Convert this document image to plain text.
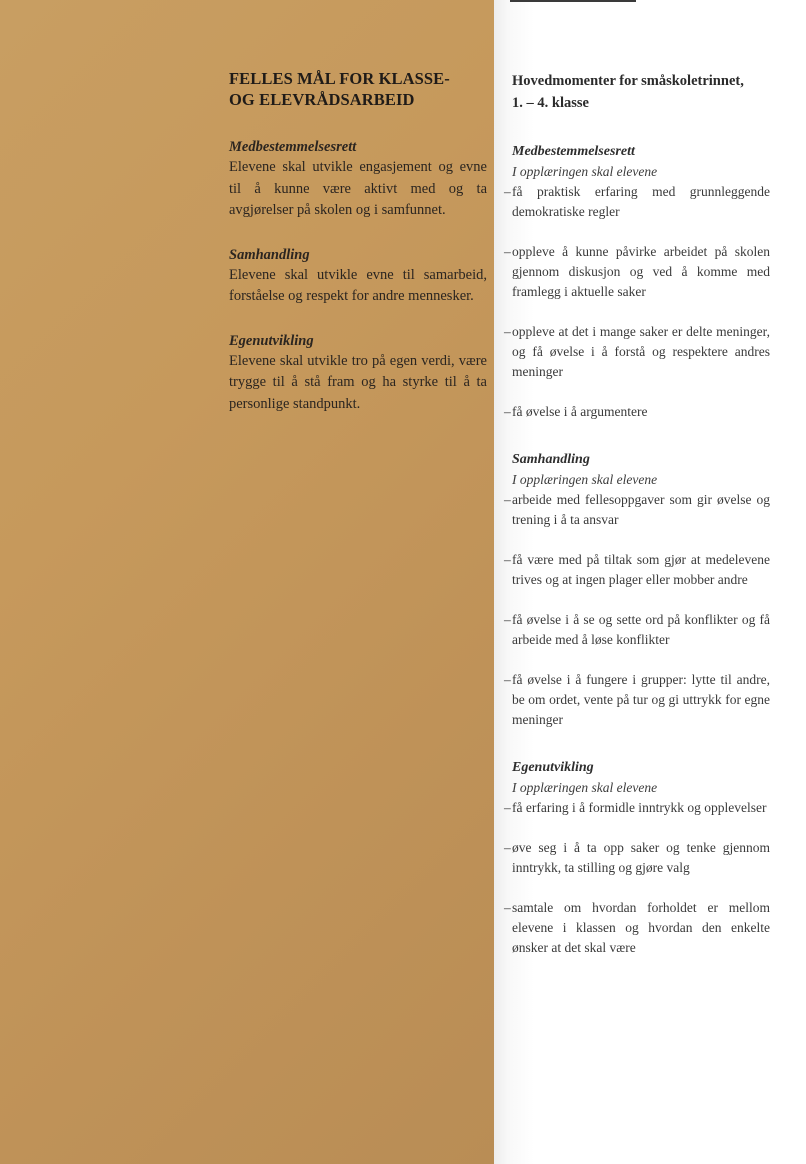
FELLES MÅL FOR KLASSE-
OG ELEVRÅDSARBEID
Medbestemmelsesrett
Elevene skal utvikle engasjement og evne til å kunne være aktivt med og ta avgjørelser på skolen og i samfunnet.
Samhandling
Elevene skal utvikle evne til samarbeid, forståelse og respekt for andre mennesker.
Egenutvikling
Elevene skal utvikle tro på egen verdi, være trygge til å stå fram og ha styrke til å ta personlige standpunkt.
Hovedmomenter for småskoletrinnet,
1. – 4. klasse
Medbestemmelsesrett
I opplæringen skal elevene
– få praktisk erfaring med grunnleggende demokratiske regler
– oppleve å kunne påvirke arbeidet på skolen gjennom diskusjon og ved å komme med framlegg i aktuelle saker
– oppleve at det i mange saker er delte meninger, og få øvelse i å forstå og respektere andres meninger
– få øvelse i å argumentere
Samhandling
I opplæringen skal elevene
– arbeide med fellesoppgaver som gir øvelse og trening i å ta ansvar
– få være med på tiltak som gjør at medelevene trives og at ingen plager eller mobber andre
– få øvelse i å se og sette ord på konflikter og få arbeide med å løse konflikter
– få øvelse i å fungere i grupper: lytte til andre, be om ordet, vente på tur og gi uttrykk for egne meninger
Egenutvikling
I opplæringen skal elevene
– få erfaring i å formidle inntrykk og opplevelser
– øve seg i å ta opp saker og tenke gjennom inntrykk, ta stilling og gjøre valg
– samtale om hvordan forholdet er mellom elevene i klassen og hvordan den enkelte ønsker at det skal være
